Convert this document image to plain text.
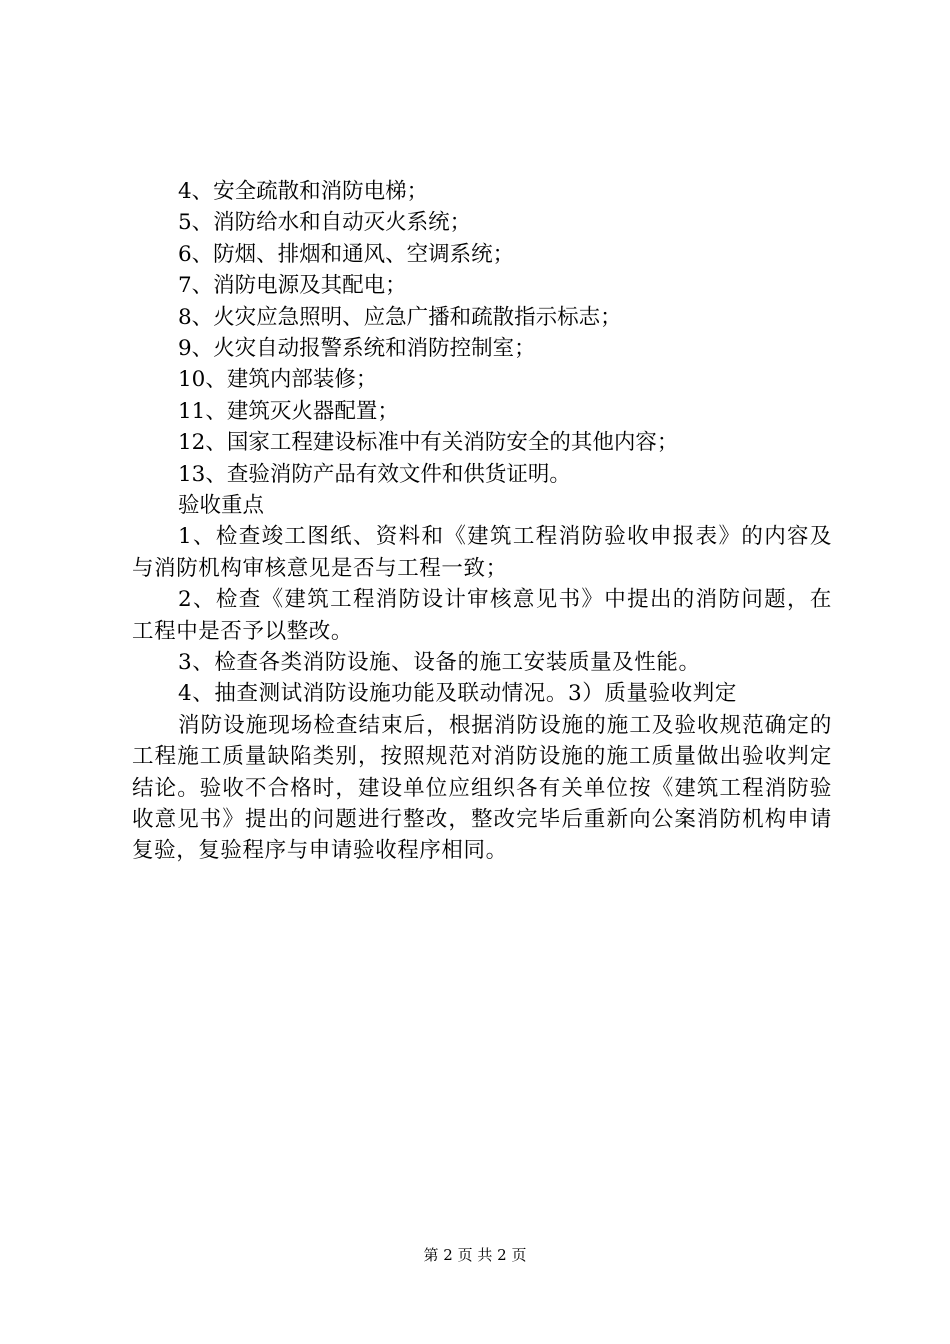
4、安全疏散和消防电梯；
5、消防给水和自动灭火系统；
6、防烟、排烟和通风、空调系统；
7、消防电源及其配电；
8、火灾应急照明、应急广播和疏散指示标志；
9、火灾自动报警系统和消防控制室；
10、建筑内部装修；
11、建筑灭火器配置；
12、国家工程建设标准中有关消防安全的其他内容；
13、查验消防产品有效文件和供货证明。
验收重点
1、检查竣工图纸、资料和《建筑工程消防验收申报表》的内容及与消防机构审核意见是否与工程一致；
2、检查《建筑工程消防设计审核意见书》中提出的消防问题，在工程中是否予以整改。
3、检查各类消防设施、设备的施工安装质量及性能。
4、抽查测试消防设施功能及联动情况。3）质量验收判定
消防设施现场检查结束后，根据消防设施的施工及验收规范确定的工程施工质量缺陷类别，按照规范对消防设施的施工质量做出验收判定结论。验收不合格时，建设单位应组织各有关单位按《建筑工程消防验收意见书》提出的问题进行整改，整改完毕后重新向公案消防机构申请复验，复验程序与申请验收程序相同。
第 2 页 共 2 页
